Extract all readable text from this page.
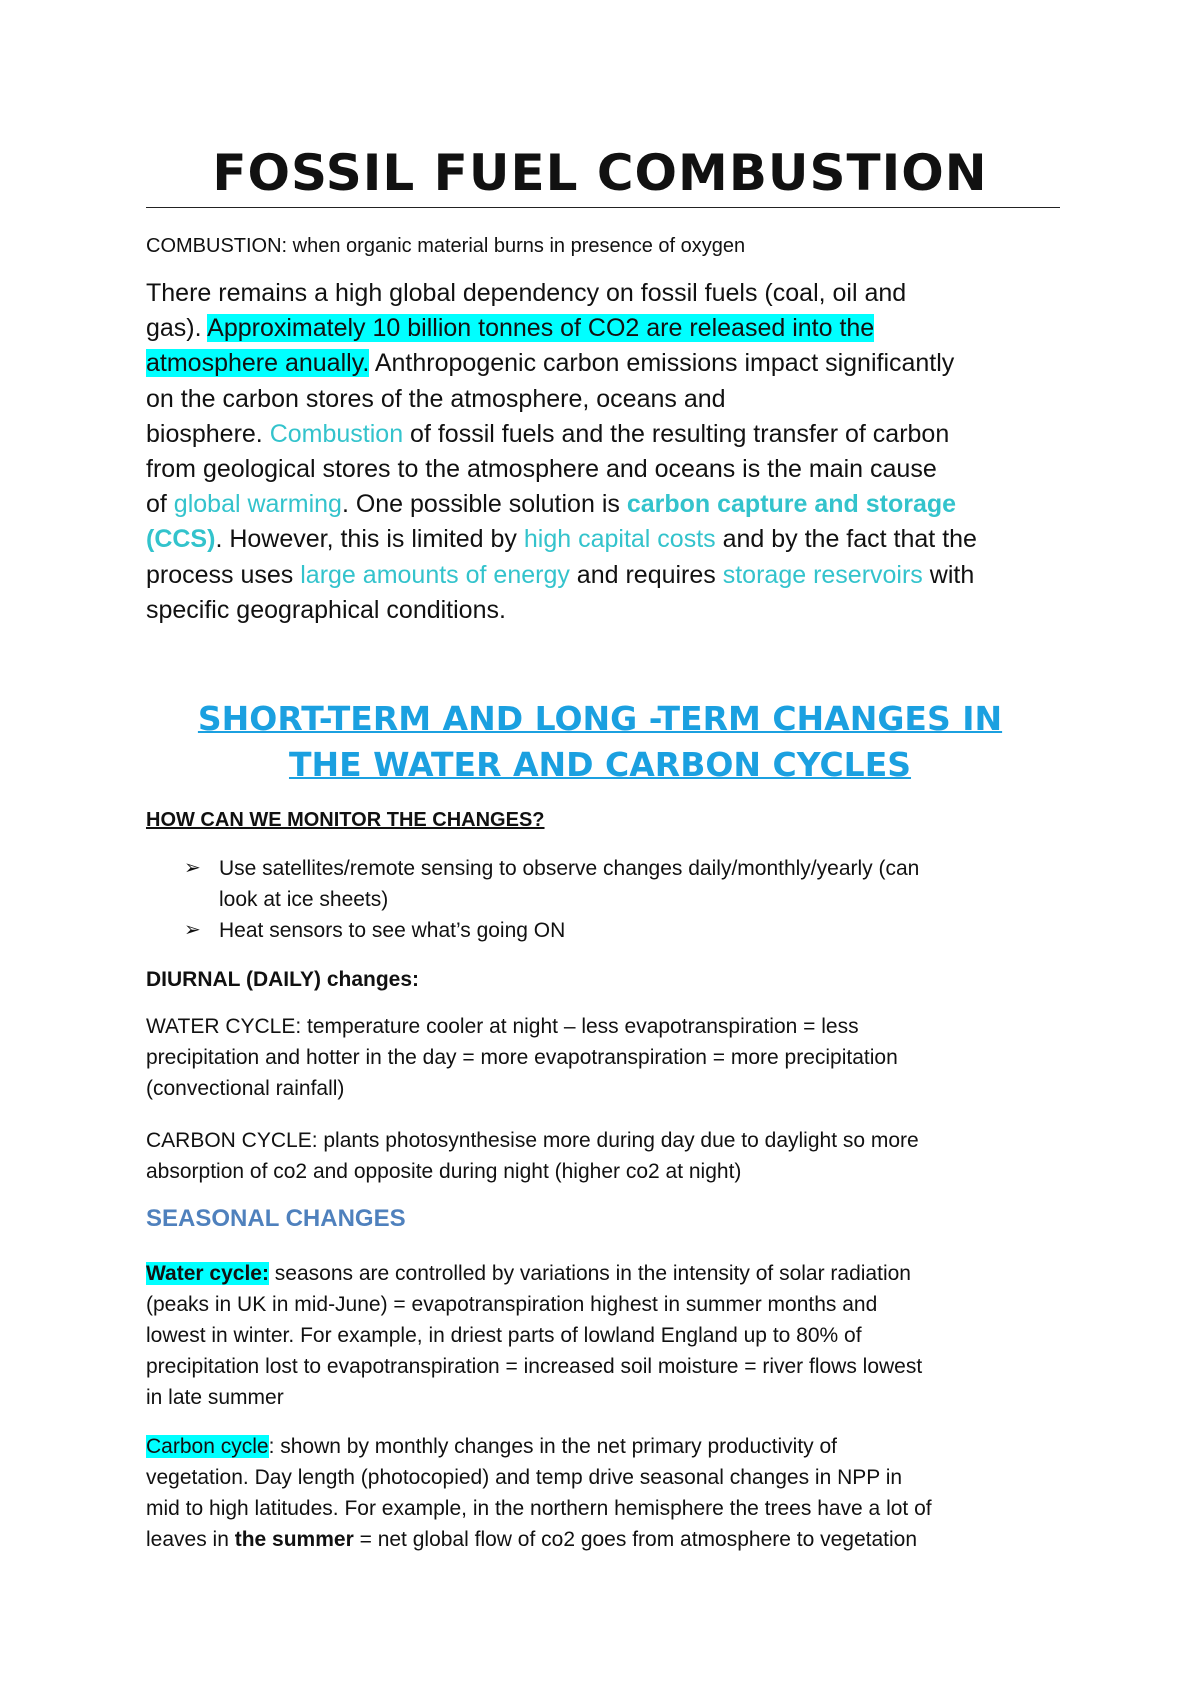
FOSSIL FUEL COMBUSTION

COMBUSTION: when organic material burns in presence of oxygen

There remains a high global dependency on fossil fuels (coal, oil and
gas). Approximately 10 billion tonnes of CO2 are released into the
atmosphere anually. Anthropogenic carbon emissions impact significantly
on the carbon stores of the atmosphere, oceans and
biosphere. Combustion of fossil fuels and the resulting transfer of carbon
from geological stores to the atmosphere and oceans is the main cause
of global warming. One possible solution is carbon capture and storage
(CCS). However, this is limited by high capital costs and by the fact that the
process uses large amounts of energy and requires storage reservoirs with
specific geographical conditions.
SHORT-TERM AND LONG -TERM CHANGES IN
THE WATER AND CARBON CYCLES

HOW CAN WE MONITOR THE CHANGES?

➢ Use satellites/remote sensing to observe changes daily/monthly/yearly (can
look at ice sheets)
➢ Heat sensors to see what’s going ON

DIURNAL (DAILY) changes:

WATER CYCLE: temperature cooler at night – less evapotranspiration = less
precipitation and hotter in the day = more evapotranspiration = more precipitation
(convectional rainfall)
CARBON CYCLE: plants photosynthesise more during day due to daylight so more
absorption of co2 and opposite during night (higher co2 at night)
SEASONAL CHANGES
Water cycle: seasons are controlled by variations in the intensity of solar radiation
(peaks in UK in mid-June) = evapotranspiration highest in summer months and
lowest in winter. For example, in driest parts of lowland England up to 80% of
precipitation lost to evapotranspiration = increased soil moisture = river flows lowest
in late summer
Carbon cycle: shown by monthly changes in the net primary productivity of
vegetation. Day length (photocopied) and temp drive seasonal changes in NPP in
mid to high latitudes. For example, in the northern hemisphere the trees have a lot of
leaves in the summer = net global flow of co2 goes from atmosphere to vegetation
